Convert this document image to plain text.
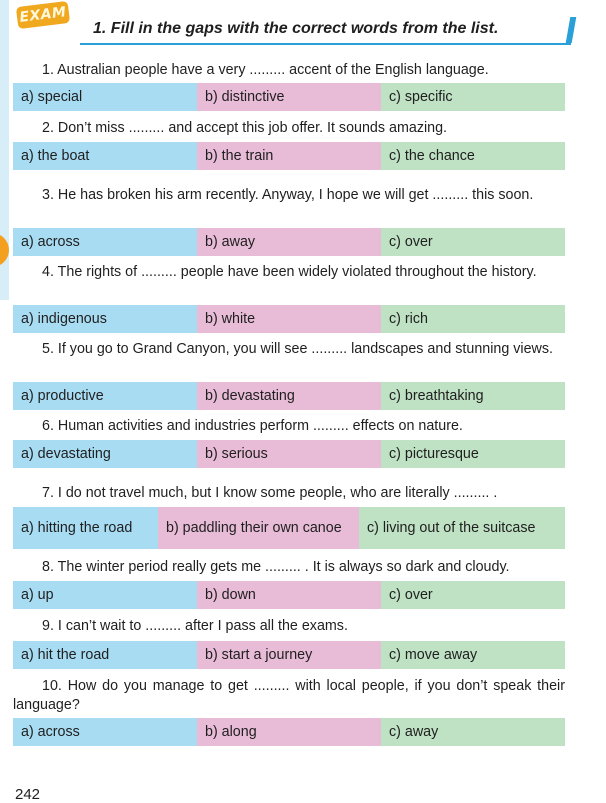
EXAM
1. Fill in the gaps with the correct words from the list.
1. Australian people have a very ......... accent of the English language.
a) special	b) distinctive	c) specific
2. Don’t miss ......... and accept this job offer. It sounds amazing.
a) the boat	b) the train	c) the chance
3. He has broken his arm recently. Anyway, I hope we will get ......... this soon.
a) across	b) away	c) over
4. The rights of ......... people have been widely violated throughout the history.
a) indigenous	b) white	c) rich
5. If you go to Grand Canyon, you will see ......... landscapes and stunning views.
a) productive	b) devastating	c) breathtaking
6. Human activities and industries perform ......... effects on nature.
a) devastating	b) serious	c) picturesque
7. I do not travel much, but I know some people, who are literally ......... .
a) hitting the road	b) paddling their own canoe	c) living out of the suitcase
8. The winter period really gets me ......... . It is always so dark and cloudy.
a) up	b) down	c) over
9. I can’t wait to ......... after I pass all the exams.
a) hit the road	b) start a journey	c) move away
10. How do you manage to get ......... with local people, if you don’t speak their language?
a) across	b) along	c) away
242
